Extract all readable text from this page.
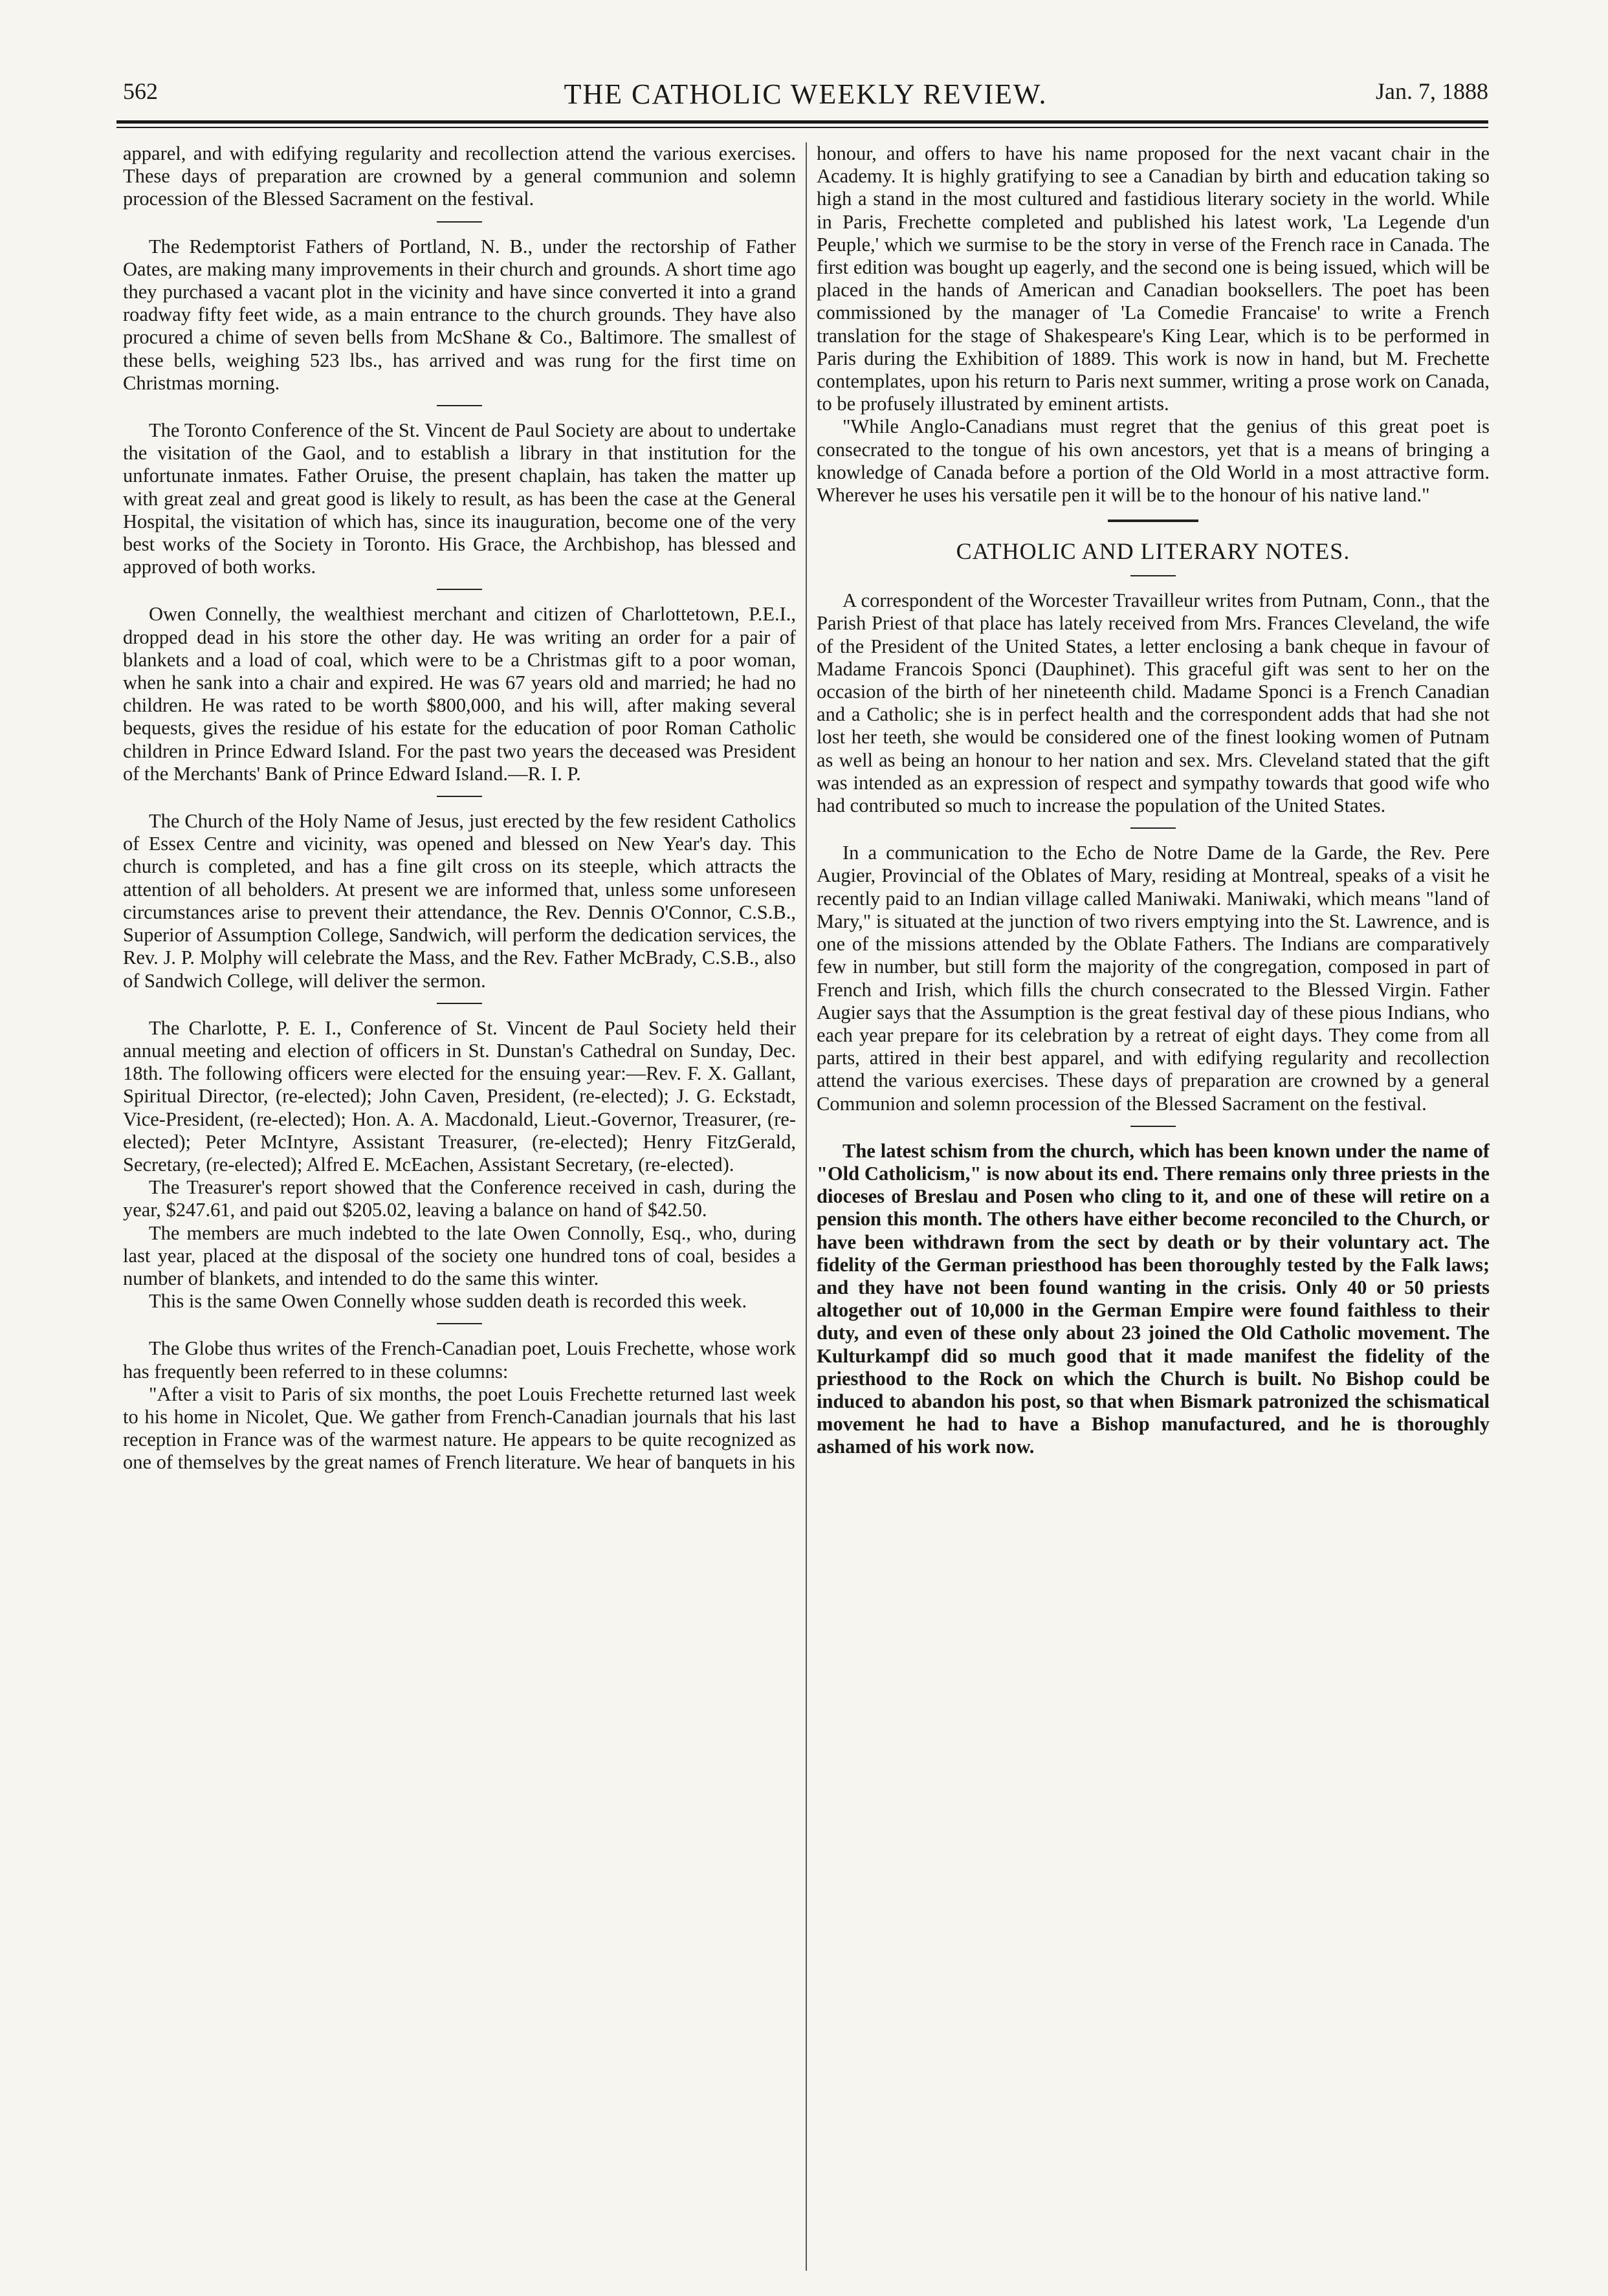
562	THE CATHOLIC WEEKLY REVIEW.	Jan. 7, 1888

apparel, and with edifying regularity and recollection attend the various exercises. These days of preparation are crowned by a general communion and solemn procession of the Blessed Sacrament on the festival.

The Redemptorist Fathers of Portland, N. B., under the rectorship of Father Oates, are making many improvements in their church and grounds. A short time ago they purchased a vacant plot in the vicinity and have since converted it into a grand roadway fifty feet wide, as a main entrance to the church grounds. They have also procured a chime of seven bells from McShane & Co., Baltimore. The smallest of these bells, weighing 523 lbs., has arrived and was rung for the first time on Christmas morning.

The Toronto Conference of the St. Vincent de Paul Society are about to undertake the visitation of the Gaol, and to establish a library in that institution for the unfortunate inmates. Father Oruise, the present chaplain, has taken the matter up with great zeal and great good is likely to result, as has been the case at the General Hospital, the visitation of which has, since its inauguration, become one of the very best works of the Society in Toronto. His Grace, the Archbishop, has blessed and approved of both works.

Owen Connelly, the wealthiest merchant and citizen of Charlottetown, P.E.I., dropped dead in his store the other day. He was writing an order for a pair of blankets and a load of coal, which were to be a Christmas gift to a poor woman, when he sank into a chair and expired. He was 67 years old and married; he had no children. He was rated to be worth $800,000, and his will, after making several bequests, gives the residue of his estate for the education of poor Roman Catholic children in Prince Edward Island. For the past two years the deceased was President of the Merchants' Bank of Prince Edward Island.—R. I. P.

The Church of the Holy Name of Jesus, just erected by the few resident Catholics of Essex Centre and vicinity, was opened and blessed on New Year's day. This church is completed, and has a fine gilt cross on its steeple, which attracts the attention of all beholders. At present we are informed that, unless some unforeseen circumstances arise to prevent their attendance, the Rev. Dennis O'Connor, C.S.B., Superior of Assumption College, Sandwich, will perform the dedication services, the Rev. J. P. Molphy will celebrate the Mass, and the Rev. Father McBrady, C.S.B., also of Sandwich College, will deliver the sermon.

The Charlotte, P. E. I., Conference of St. Vincent de Paul Society held their annual meeting and election of officers in St. Dunstan's Cathedral on Sunday, Dec. 18th. The following officers were elected for the ensuing year:—Rev. F. X. Gallant, Spiritual Director, (re-elected); John Caven, President, (re-elected); J. G. Eckstadt, Vice-President, (re-elected); Hon. A. A. Macdonald, Lieut.-Governor, Treasurer, (re-elected); Peter McIntyre, Assistant Treasurer, (re-elected); Henry FitzGerald, Secretary, (re-elected); Alfred E. McEachen, Assistant Secretary, (re-elected).

The Treasurer's report showed that the Conference received in cash, during the year, $247.61, and paid out $205.02, leaving a balance on hand of $42.50.

The members are much indebted to the late Owen Connolly, Esq., who, during last year, placed at the disposal of the society one hundred tons of coal, besides a number of blankets, and intended to do the same this winter.

This is the same Owen Connelly whose sudden death is recorded this week.

The Globe thus writes of the French-Canadian poet, Louis Frechette, whose work has frequently been referred to in these columns:

"After a visit to Paris of six months, the poet Louis Frechette returned last week to his home in Nicolet, Que. We gather from French-Canadian journals that his last reception in France was of the warmest nature. He appears to be quite recognized as one of themselves by the great names of French literature. We hear of banquets in his

honour, and offers to have his name proposed for the next vacant chair in the Academy. It is highly gratifying to see a Canadian by birth and education taking so high a stand in the most cultured and fastidious literary society in the world. While in Paris, Frechette completed and published his latest work, 'La Legende d'un Peuple,' which we surmise to be the story in verse of the French race in Canada. The first edition was bought up eagerly, and the second one is being issued, which will be placed in the hands of American and Canadian booksellers. The poet has been commissioned by the manager of 'La Comedie Francaise' to write a French translation for the stage of Shakespeare's King Lear, which is to be performed in Paris during the Exhibition of 1889. This work is now in hand, but M. Frechette contemplates, upon his return to Paris next summer, writing a prose work on Canada, to be profusely illustrated by eminent artists.

"While Anglo-Canadians must regret that the genius of this great poet is consecrated to the tongue of his own ancestors, yet that is a means of bringing a knowledge of Canada before a portion of the Old World in a most attractive form. Wherever he uses his versatile pen it will be to the honour of his native land."

CATHOLIC AND LITERARY NOTES.

A correspondent of the Worcester Travailleur writes from Putnam, Conn., that the Parish Priest of that place has lately received from Mrs. Frances Cleveland, the wife of the President of the United States, a letter enclosing a bank cheque in favour of Madame Francois Sponci (Dauphinet). This graceful gift was sent to her on the occasion of the birth of her nineteenth child. Madame Sponci is a French Canadian and a Catholic; she is in perfect health and the correspondent adds that had she not lost her teeth, she would be considered one of the finest looking women of Putnam as well as being an honour to her nation and sex. Mrs. Cleveland stated that the gift was intended as an expression of respect and sympathy towards that good wife who had contributed so much to increase the population of the United States.

In a communication to the Echo de Notre Dame de la Garde, the Rev. Pere Augier, Provincial of the Oblates of Mary, residing at Montreal, speaks of a visit he recently paid to an Indian village called Maniwaki. Maniwaki, which means "land of Mary," is situated at the junction of two rivers emptying into the St. Lawrence, and is one of the missions attended by the Oblate Fathers. The Indians are comparatively few in number, but still form the majority of the congregation, composed in part of French and Irish, which fills the church consecrated to the Blessed Virgin. Father Augier says that the Assumption is the great festival day of these pious Indians, who each year prepare for its celebration by a retreat of eight days. They come from all parts, attired in their best apparel, and with edifying regularity and recollection attend the various exercises. These days of preparation are crowned by a general Communion and solemn procession of the Blessed Sacrament on the festival.

The latest schism from the church, which has been known under the name of "Old Catholicism," is now about its end. There remains only three priests in the dioceses of Breslau and Posen who cling to it, and one of these will retire on a pension this month. The others have either become reconciled to the Church, or have been withdrawn from the sect by death or by their voluntary act. The fidelity of the German priesthood has been thoroughly tested by the Falk laws; and they have not been found wanting in the crisis. Only 40 or 50 priests altogether out of 10,000 in the German Empire were found faithless to their duty, and even of these only about 23 joined the Old Catholic movement. The Kulturkampf did so much good that it made manifest the fidelity of the priesthood to the Rock on which the Church is built. No Bishop could be induced to abandon his post, so that when Bismark patronized the schismatical movement he had to have a Bishop manufactured, and he is thoroughly ashamed of his work now.
